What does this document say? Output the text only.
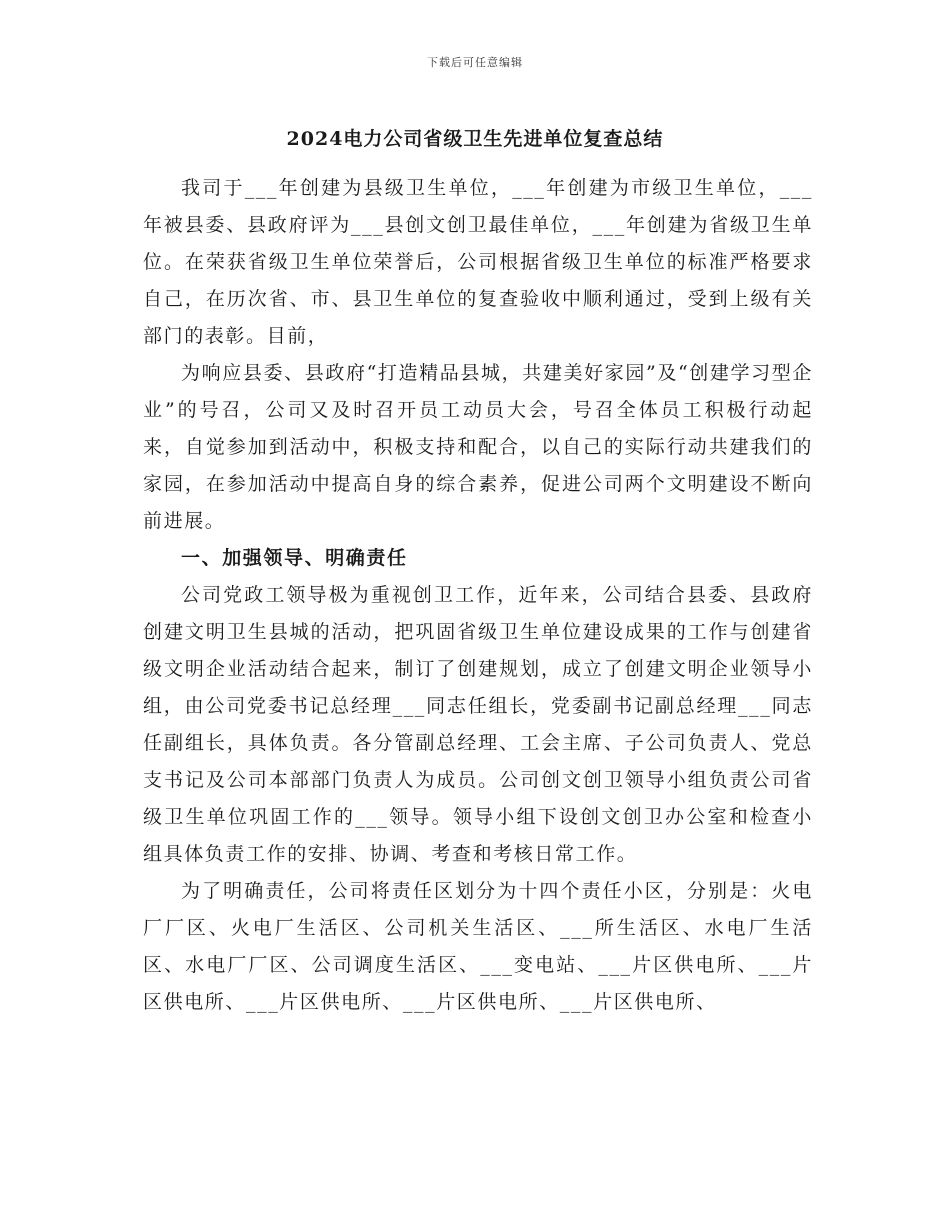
下载后可任意编辑
2024电力公司省级卫生先进单位复查总结

我司于___年创建为县级卫生单位，___年创建为市级卫生单位，___年被县委、县政府评为___县创文创卫最佳单位，___年创建为省级卫生单位。在荣获省级卫生单位荣誉后，公司根据省级卫生单位的标准严格要求自己，在历次省、市、县卫生单位的复查验收中顺利通过，受到上级有关部门的表彰。目前，

为响应县委、县政府“打造精品县城，共建美好家园”及“创建学习型企业”的号召，公司又及时召开员工动员大会，号召全体员工积极行动起来，自觉参加到活动中，积极支持和配合，以自己的实际行动共建我们的家园，在参加活动中提高自身的综合素养，促进公司两个文明建设不断向前进展。

一、加强领导、明确责任

公司党政工领导极为重视创卫工作，近年来，公司结合县委、县政府创建文明卫生县城的活动，把巩固省级卫生单位建设成果的工作与创建省级文明企业活动结合起来，制订了创建规划，成立了创建文明企业领导小组，由公司党委书记总经理___同志任组长，党委副书记副总经理___同志任副组长，具体负责。各分管副总经理、工会主席、子公司负责人、党总支书记及公司本部部门负责人为成员。公司创文创卫领导小组负责公司省级卫生单位巩固工作的___领导。领导小组下设创文创卫办公室和检查小组具体负责工作的安排、协调、考查和考核日常工作。

为了明确责任，公司将责任区划分为十四个责任小区，分别是：火电厂厂区、火电厂生活区、公司机关生活区、___所生活区、水电厂生活区、水电厂厂区、公司调度生活区、___变电站、___片区供电所、___片区供电所、___片区供电所、___片区供电所、___片区供电所、
